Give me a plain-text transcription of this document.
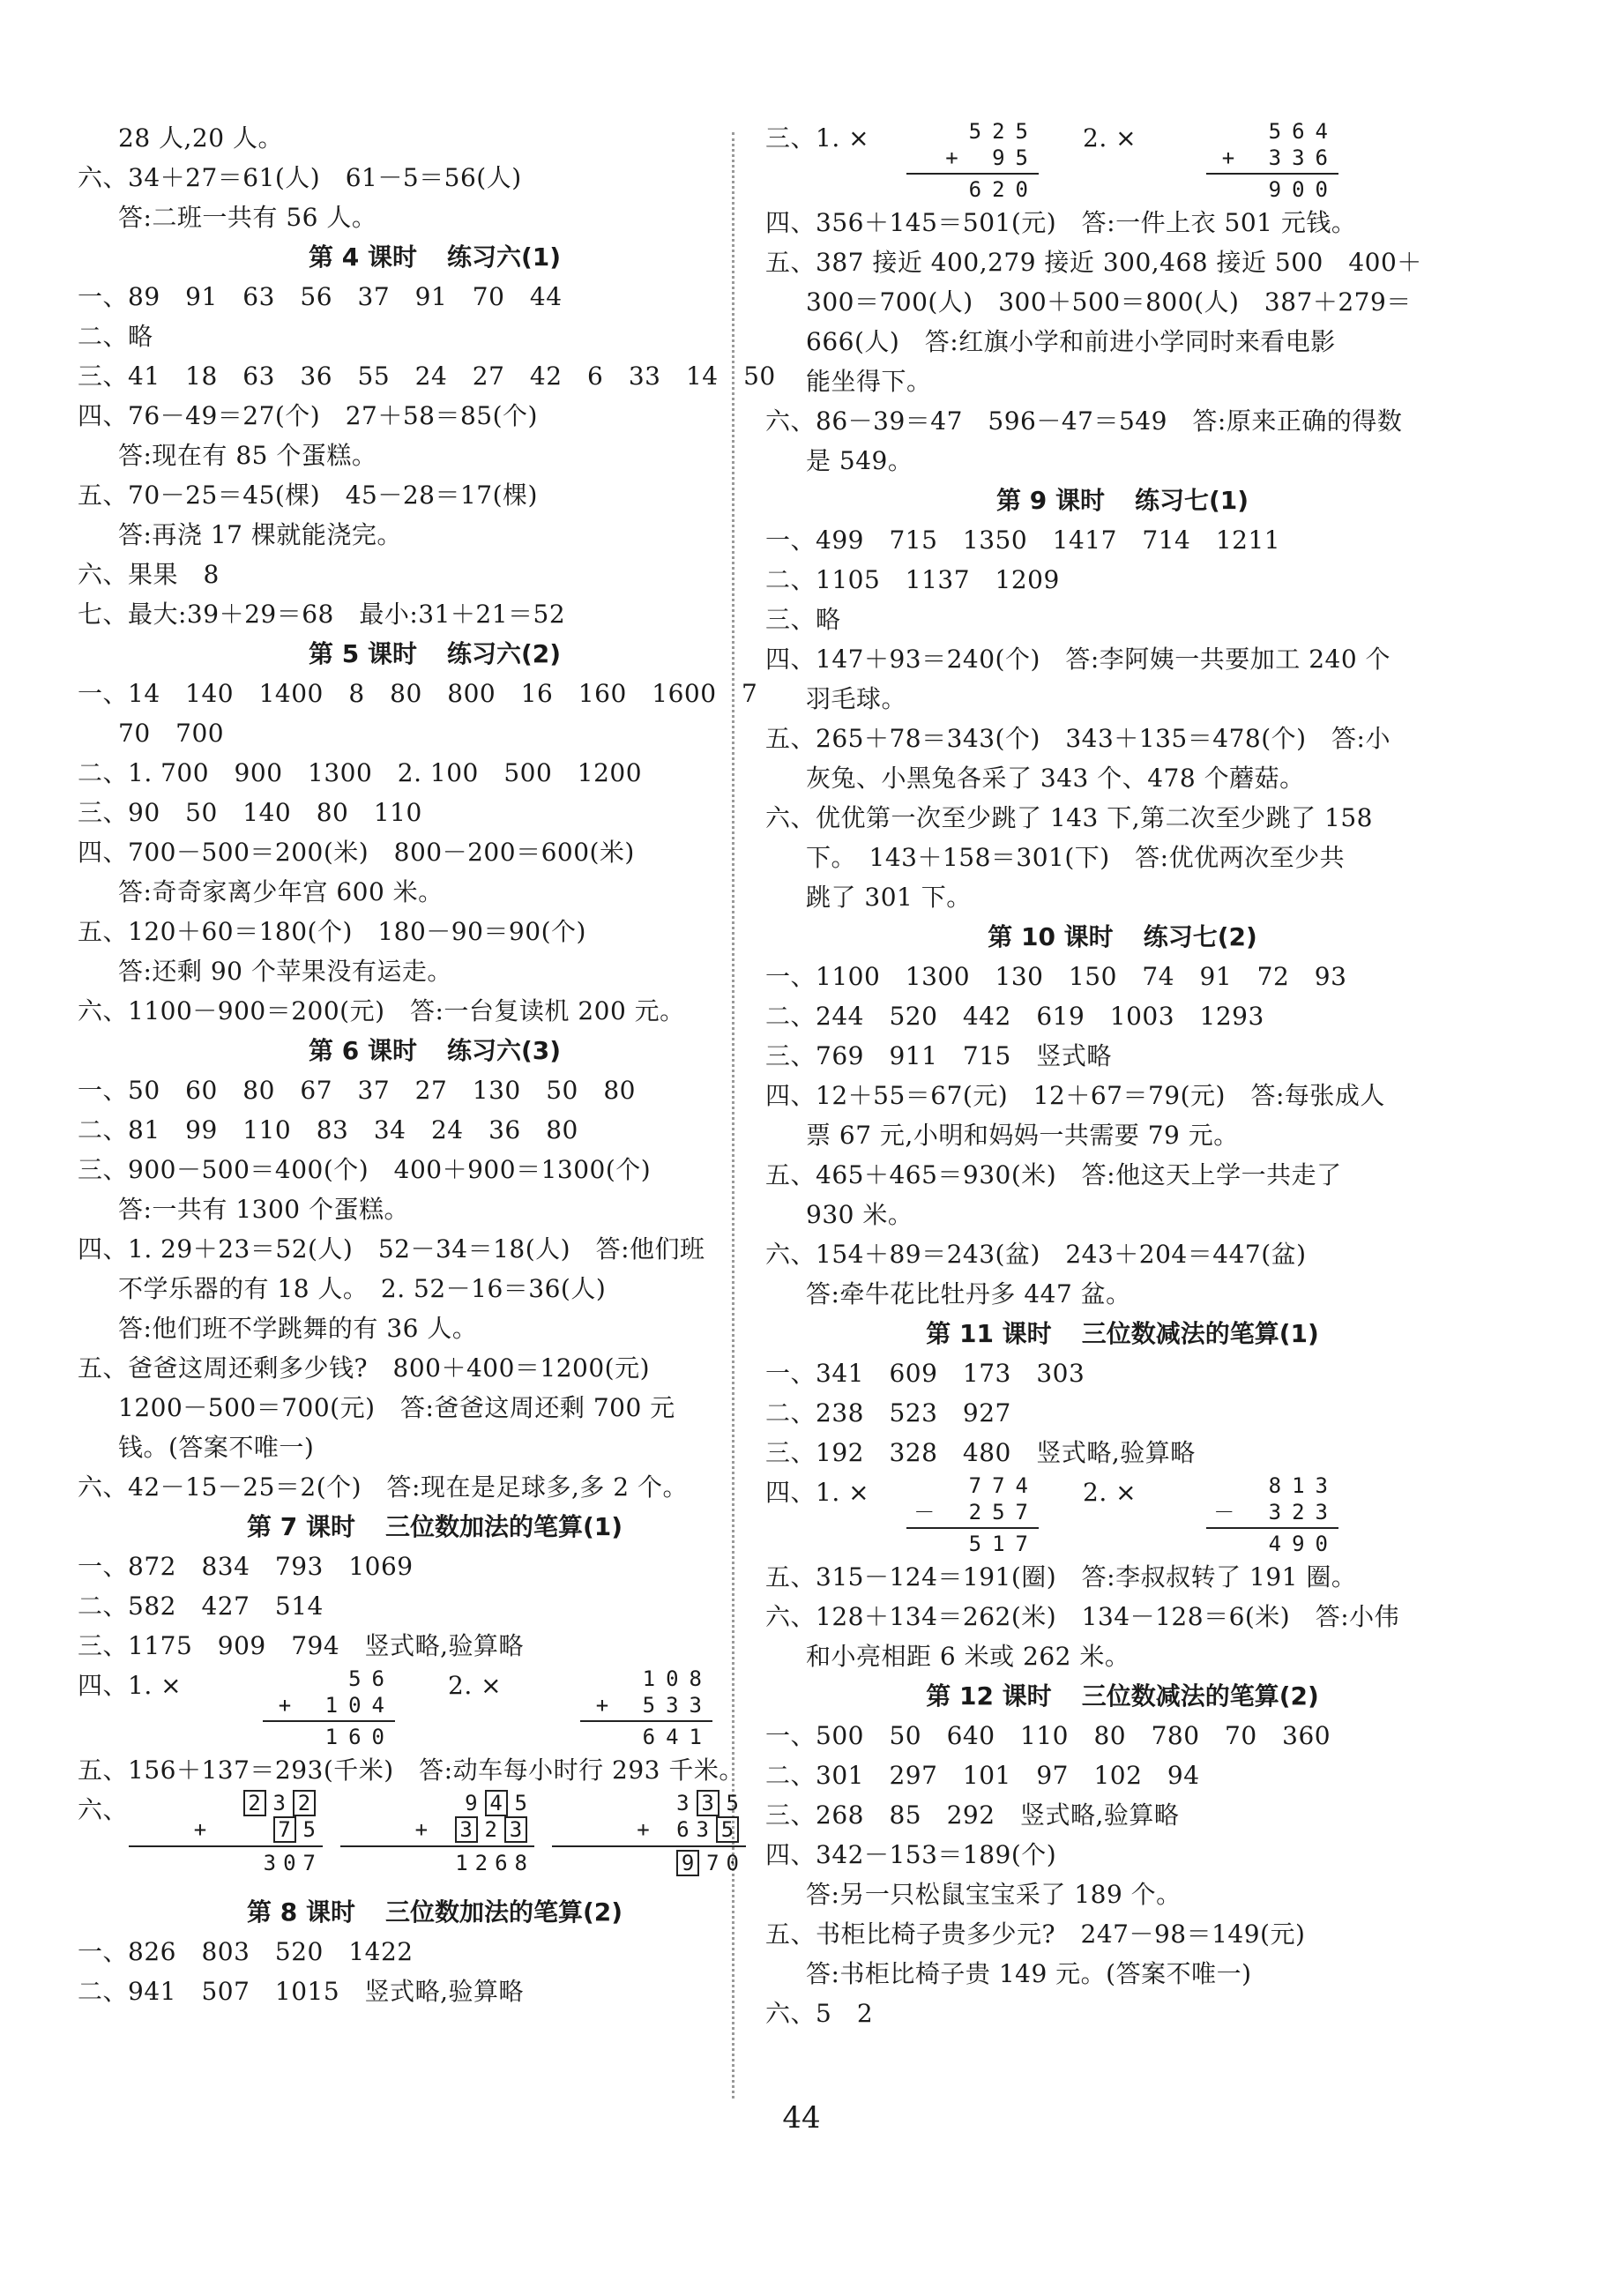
28 人,20 人。
六、34＋27＝61(人)　61－5＝56(人)
答:二班一共有 56 人。
第 4 课时 练习六(1)
一、89　91　63　56　37　91　70　44
二、略
三、41　18　63　36　55　24　27　42　6　33　14　50
四、76－49＝27(个)　27＋58＝85(个)
答:现在有 85 个蛋糕。
五、70－25＝45(棵)　45－28＝17(棵)
答:再浇 17 棵就能浇完。
六、果果　8
七、最大:39＋29＝68　最小:31＋21＝52
第 5 课时 练习六(2)
一、14　140　1400　8　80　800　16　160　1600　7
70　700
二、1. 700　900　1300　2. 100　500　1200
三、90　50　140　80　110
四、700－500＝200(米)　800－200＝600(米)
答:奇奇家离少年宫 600 米。
五、120＋60＝180(个)　180－90＝90(个)
答:还剩 90 个苹果没有运走。
六、1100－900＝200(元)　答:一台复读机 200 元。
第 6 课时 练习六(3)
一、50　60　80　67　37　27　130　50　80
二、81　99　110　83　34　24　36　80
三、900－500＝400(个)　400＋900＝1300(个)
答:一共有 1300 个蛋糕。
四、1. 29＋23＝52(人)　52－34＝18(人)　答:他们班
不学乐器的有 18 人。　2. 52－16＝36(人)
答:他们班不学跳舞的有 36 人。
五、爸爸这周还剩多少钱?　800＋400＝1200(元)
1200－500＝700(元)　答:爸爸这周还剩 700 元
钱。(答案不唯一)
六、42－15－25＝2(个)　答:现在是足球多,多 2 个。
第 7 课时 三位数加法的笔算(1)
一、872　834　793　1069
二、582　427　514
三、1175　909　794　竖式略,验算略
四、1. ×	56
+ 104
160
2. ×	108
+ 533
641
五、156＋137＝293(千米)　答:动车每小时行 293 千米。
六、	2 3 2
+	7 5
307
9 4 5
+ 3 2 3
1268
3 3 5
+ 63 5
9 70
第 8 课时 三位数加法的笔算(2)
一、826　803　520　1422
二、941　507　1015　竖式略,验算略
三、1. ×	525
+ 95
620
2. ×	564
+ 336
900
四、356＋145＝501(元)　答:一件上衣 501 元钱。
五、387 接近 400,279 接近 300,468 接近 500　400＋
300＝700(人)　300＋500＝800(人)　387＋279＝
666(人)　答:红旗小学和前进小学同时来看电影
能坐得下。
六、86－39＝47　596－47＝549　答:原来正确的得数
是 549。
第 9 课时 练习七(1)
一、499　715　1350　1417　714　1211
二、1105　1137　1209
三、略
四、147＋93＝240(个)　答:李阿姨一共要加工 240 个
羽毛球。
五、265＋78＝343(个)　343＋135＝478(个)　答:小
灰兔、小黑兔各采了 343 个、478 个蘑菇。
六、优优第一次至少跳了 143 下,第二次至少跳了 158
下。　143＋158＝301(下)　答:优优两次至少共
跳了 301 下。
第 10 课时 练习七(2)
一、1100　1300　130　150　74　91　72　93
二、244　520　442　619　1003　1293
三、769　911　715　竖式略
四、12＋55＝67(元)　12＋67＝79(元)　答:每张成人
票 67 元,小明和妈妈一共需要 79 元。
五、465＋465＝930(米)　答:他这天上学一共走了
930 米。
六、154＋89＝243(盆)　243＋204＝447(盆)
答:牵牛花比牡丹多 447 盆。
第 11 课时 三位数减法的笔算(1)
一、341　609　173　303
二、238　523　927
三、192　328　480　竖式略,验算略
四、1. ×	774
－ 257
517
2. ×	813
－ 323
490
五、315－124＝191(圈)　答:李叔叔转了 191 圈。
六、128＋134＝262(米)　134－128＝6(米)　答:小伟
和小亮相距 6 米或 262 米。
第 12 课时 三位数减法的笔算(2)
一、500　50　640　110　80　780　70　360
二、301　297　101　97　102　94
三、268　85　292　竖式略,验算略
四、342－153＝189(个)
答:另一只松鼠宝宝采了 189 个。
五、书柜比椅子贵多少元?　247－98＝149(元)
答:书柜比椅子贵 149 元。(答案不唯一)
六、5　2
44
